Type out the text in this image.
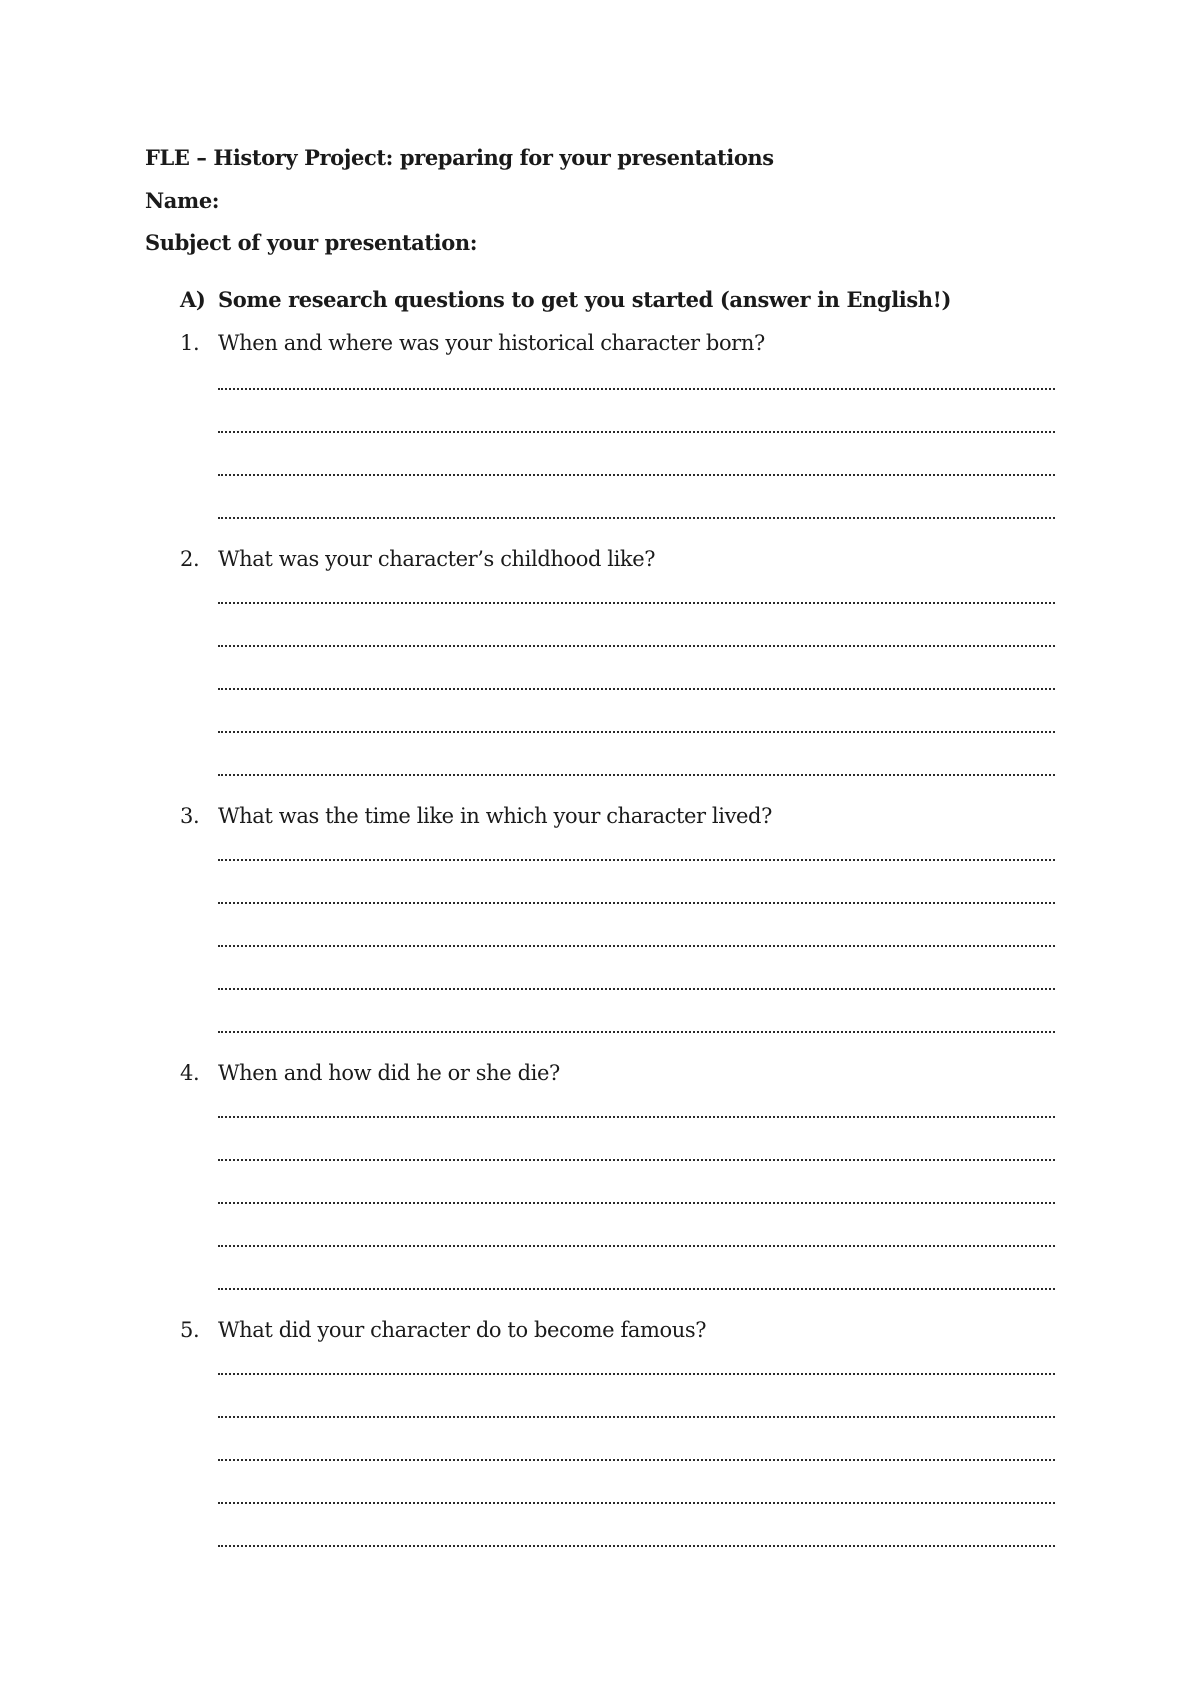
FLE – History Project: preparing for your presentations
Name:
Subject of your presentation:
A) Some research questions to get you started (answer in English!)
1. When and where was your historical character born?
2. What was your character’s childhood like?
3. What was the time like in which your character lived?
4. When and how did he or she die?
5. What did your character do to become famous?
